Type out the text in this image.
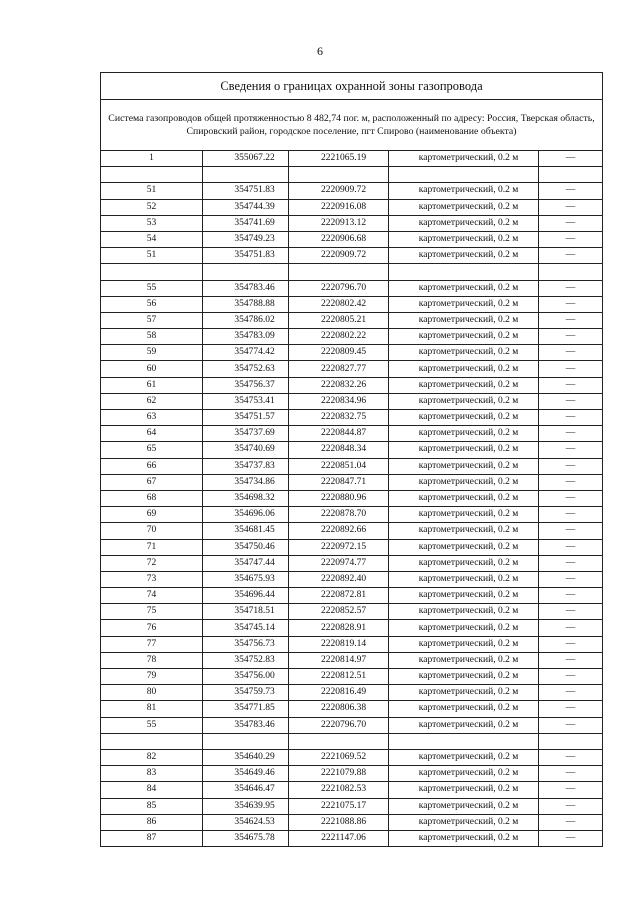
6
Сведения о границах охранной зоны газопровода				
Система газопроводов общей протяженностью 8 482,74 пог. м, расположенный по адресу: Россия, Тверская область, Спировский район, городское поселение, пгт Спирово (наименование объекта)				
1	355067.22	2221065.19	картометрический, 0.2 м	—

51	354751.83	2220909.72	картометрический, 0.2 м	—
52	354744.39	2220916.08	картометрический, 0.2 м	—
53	354741.69	2220913.12	картометрический, 0.2 м	—
54	354749.23	2220906.68	картометрический, 0.2 м	—
51	354751.83	2220909.72	картометрический, 0.2 м	—

55	354783.46	2220796.70	картометрический, 0.2 м	—
56	354788.88	2220802.42	картометрический, 0.2 м	—
57	354786.02	2220805.21	картометрический, 0.2 м	—
58	354783.09	2220802.22	картометрический, 0.2 м	—
59	354774.42	2220809.45	картометрический, 0.2 м	—
60	354752.63	2220827.77	картометрический, 0.2 м	—
61	354756.37	2220832.26	картометрический, 0.2 м	—
62	354753.41	2220834.96	картометрический, 0.2 м	—
63	354751.57	2220832.75	картометрический, 0.2 м	—
64	354737.69	2220844.87	картометрический, 0.2 м	—
65	354740.69	2220848.34	картометрический, 0.2 м	—
66	354737.83	2220851.04	картометрический, 0.2 м	—
67	354734.86	2220847.71	картометрический, 0.2 м	—
68	354698.32	2220880.96	картометрический, 0.2 м	—
69	354696.06	2220878.70	картометрический, 0.2 м	—
70	354681.45	2220892.66	картометрический, 0.2 м	—
71	354750.46	2220972.15	картометрический, 0.2 м	—
72	354747.44	2220974.77	картометрический, 0.2 м	—
73	354675.93	2220892.40	картометрический, 0.2 м	—
74	354696.44	2220872.81	картометрический, 0.2 м	—
75	354718.51	2220852.57	картометрический, 0.2 м	—
76	354745.14	2220828.91	картометрический, 0.2 м	—
77	354756.73	2220819.14	картометрический, 0.2 м	—
78	354752.83	2220814.97	картометрический, 0.2 м	—
79	354756.00	2220812.51	картометрический, 0.2 м	—
80	354759.73	2220816.49	картометрический, 0.2 м	—
81	354771.85	2220806.38	картометрический, 0.2 м	—
55	354783.46	2220796.70	картометрический, 0.2 м	—

82	354640.29	2221069.52	картометрический, 0.2 м	—
83	354649.46	2221079.88	картометрический, 0.2 м	—
84	354646.47	2221082.53	картометрический, 0.2 м	—
85	354639.95	2221075.17	картометрический, 0.2 м	—
86	354624.53	2221088.86	картометрический, 0.2 м	—
87	354675.78	2221147.06	картометрический, 0.2 м	—
